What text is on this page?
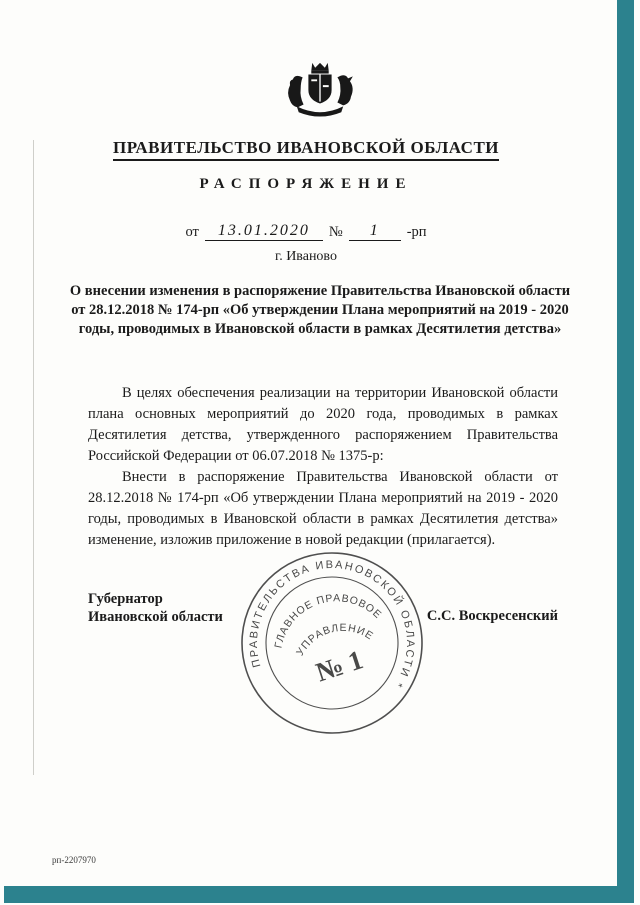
ПРАВИТЕЛЬСТВО ИВАНОВСКОЙ ОБЛАСТИ
РАСПОРЯЖЕНИЕ
от	13.01.2020	№	1	-рп
г. Иваново
О внесении изменения в распоряжение Правительства Ивановской области от 28.12.2018 № 174-рп «Об утверждении Плана мероприятий на 2019 - 2020 годы, проводимых в Ивановской области в рамках Десятилетия детства»

В целях обеспечения реализации на территории Ивановской области плана основных мероприятий до 2020 года, проводимых в рамках Десятилетия детства, утвержденного распоряжением Правительства Российской Федерации от 06.07.2018 № 1375-р:

Внести в распоряжение Правительства Ивановской области от 28.12.2018 № 174-рп «Об утверждении Плана мероприятий на 2019 - 2020 годы, проводимых в Ивановской области в рамках Десятилетия детства» изменение, изложив приложение в новой редакции (прилагается).

Губернатор
Ивановской области	С.С. Воскресенский
ПРАВИТЕЛЬСТВА ИВАНОВСКОЙ ОБЛАСТИ *
ГЛАВНОЕ ПРАВОВОЕ
УПРАВЛЕНИЕ
№ 1
рп-2207970
